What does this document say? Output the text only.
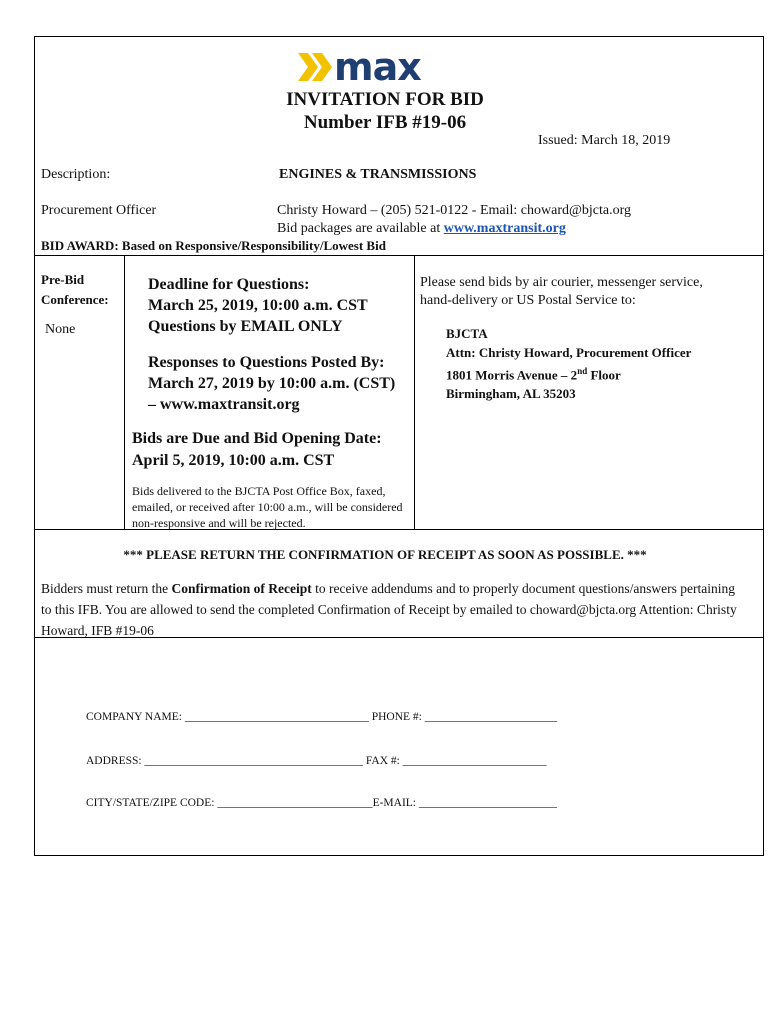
max
INVITATION FOR BID
Number IFB #19-06
Issued: March 18, 2019
Description:	ENGINES & TRANSMISSIONS
Procurement Officer	Christy Howard – (205) 521-0122 - Email: choward@bjcta.org
Bid packages are available at www.maxtransit.org
BID AWARD: Based on Responsive/Responsibility/Lowest Bid
Pre-Bid Conference:
None
Deadline for Questions:
March 25, 2019, 10:00 a.m. CST
Questions by EMAIL ONLY
Responses to Questions Posted By:
March 27, 2019 by 10:00 a.m. (CST)
– www.maxtransit.org
Bids are Due and Bid Opening Date:
April 5, 2019, 10:00 a.m. CST
Bids delivered to the BJCTA Post Office Box, faxed, emailed, or received after 10:00 a.m., will be considered non-responsive and will be rejected.
Please send bids by air courier, messenger service, hand-delivery or US Postal Service to:
BJCTA
Attn: Christy Howard, Procurement Officer
1801 Morris Avenue – 2nd Floor
Birmingham, AL 35203
*** PLEASE RETURN THE CONFIRMATION OF RECEIPT AS SOON AS POSSIBLE. ***
Bidders must return the Confirmation of Receipt to receive addendums and to properly document questions/answers pertaining to this IFB. You are allowed to send the completed Confirmation of Receipt by emailed to choward@bjcta.org Attention: Christy Howard, IFB #19-06
COMPANY NAME: ________________________________ PHONE #: _______________________
ADDRESS: ______________________________________ FAX #: _________________________
CITY/STATE/ZIPE CODE: ___________________________E-MAIL: ________________________
